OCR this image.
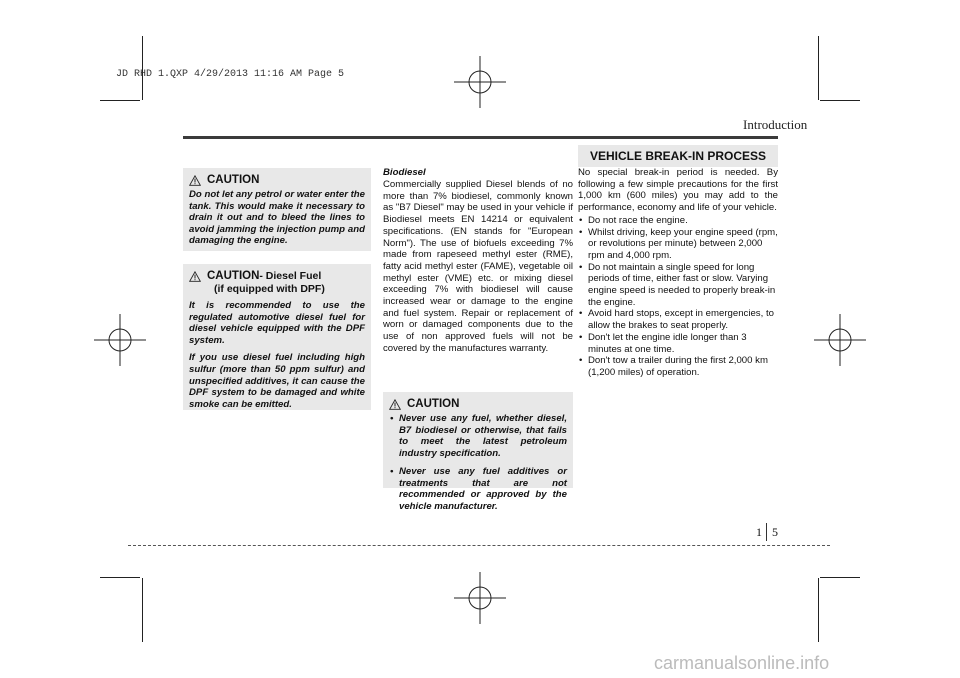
JD RHD 1.QXP 4/29/2013 11:16 AM Page 5
Introduction
CAUTION
Do not let any petrol or water enter the tank. This would make it necessary to drain it out and to bleed the lines to avoid jamming the injection pump and damaging the engine.
CAUTION - Diesel Fuel
(if equipped with DPF)

It is recommended to use the regulated automotive diesel fuel for diesel vehicle equipped with the DPF system.

If you use diesel fuel including high sulfur (more than 50 ppm sulfur) and unspecified additives, it can cause the DPF system to be damaged and white smoke can be emitted.

Biodiesel
Commercially supplied Diesel blends of no more than 7% biodiesel, commonly known as "B7 Diesel" may be used in your vehicle if Biodiesel meets EN 14214 or equivalent specifications. (EN stands for "European Norm"). The use of biofuels exceeding 7% made from rapeseed methyl ester (RME), fatty acid methyl ester (FAME), vegetable oil methyl ester (VME) etc. or mixing diesel exceeding 7% with biodiesel will cause increased wear or damage to the engine and fuel system. Repair or replacement of worn or damaged components due to the use of non approved fuels will not be covered by the manufactures warranty.
CAUTION
• Never use any fuel, whether diesel, B7 biodiesel or otherwise, that fails to meet the latest petroleum industry specification.
• Never use any fuel additives or treatments that are not recommended or approved by the vehicle manufacturer.
VEHICLE BREAK-IN PROCESS
No special break-in period is needed. By following a few simple precautions for the first 1,000 km (600 miles) you may add to the performance, economy and life of your vehicle.
• Do not race the engine.
• Whilst driving, keep your engine speed (rpm, or revolutions per minute) between 2,000 rpm and 4,000 rpm.
• Do not maintain a single speed for long periods of time, either fast or slow. Varying engine speed is needed to properly break-in the engine.
• Avoid hard stops, except in emergencies, to allow the brakes to seat properly.
• Don't let the engine idle longer than 3 minutes at one time.
• Don't tow a trailer during the first 2,000 km (1,200 miles) of operation.
1 5
carmanualsonline.info
